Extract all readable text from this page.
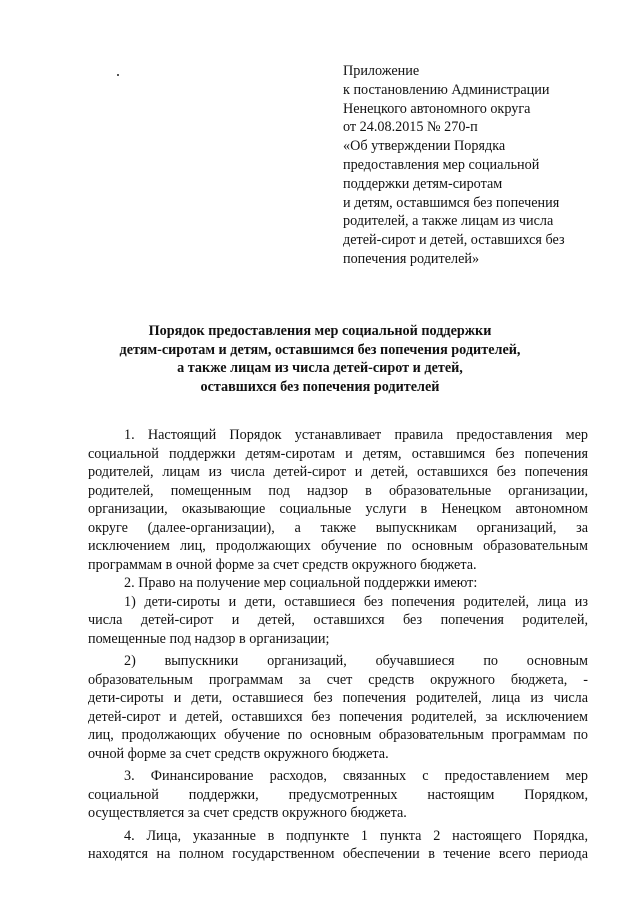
Приложение
к постановлению Администрации
Ненецкого автономного округа
от 24.08.2015 № 270-п
«Об утверждении Порядка
предоставления мер социальной
поддержки детям-сиротам
и детям, оставшимся без попечения
родителей, а также лицам из числа
детей-сирот и детей, оставшихся без
попечения родителей»
Порядок предоставления мер социальной поддержки
детям-сиротам и детям, оставшимся без попечения родителей,
а также лицам из числа детей-сирот и детей,
оставшихся без попечения родителей
1. Настоящий Порядок устанавливает правила предоставления мер
социальной поддержки детям-сиротам и детям, оставшимся без попечения
родителей, лицам из числа детей-сирот и детей, оставшихся без попечения
родителей, помещенным под надзор в образовательные организации,
организации, оказывающие социальные услуги в Ненецком автономном
округе (далее-организации), а также выпускникам организаций, за
исключением лиц, продолжающих обучение по основным образовательным
программам в очной форме за счет средств окружного бюджета.
2. Право на получение мер социальной поддержки имеют:
1) дети-сироты и дети, оставшиеся без попечения родителей, лица из
числа детей-сирот и детей, оставшихся без попечения родителей,
помещенные под надзор в организации;
2) выпускники организаций, обучавшиеся по основным
образовательным программам за счет средств окружного бюджета, -
дети-сироты и дети, оставшиеся без попечения родителей, лица из числа
детей-сирот и детей, оставшихся без попечения родителей, за исключением
лиц, продолжающих обучение по основным образовательным программам по
очной форме за счет средств окружного бюджета.
3. Финансирование расходов, связанных с предоставлением мер
социальной поддержки, предусмотренных настоящим Порядком,
осуществляется за счет средств окружного бюджета.
4. Лица, указанные в подпункте 1 пункта 2 настоящего Порядка,
находятся на полном государственном обеспечении в течение всего периода
